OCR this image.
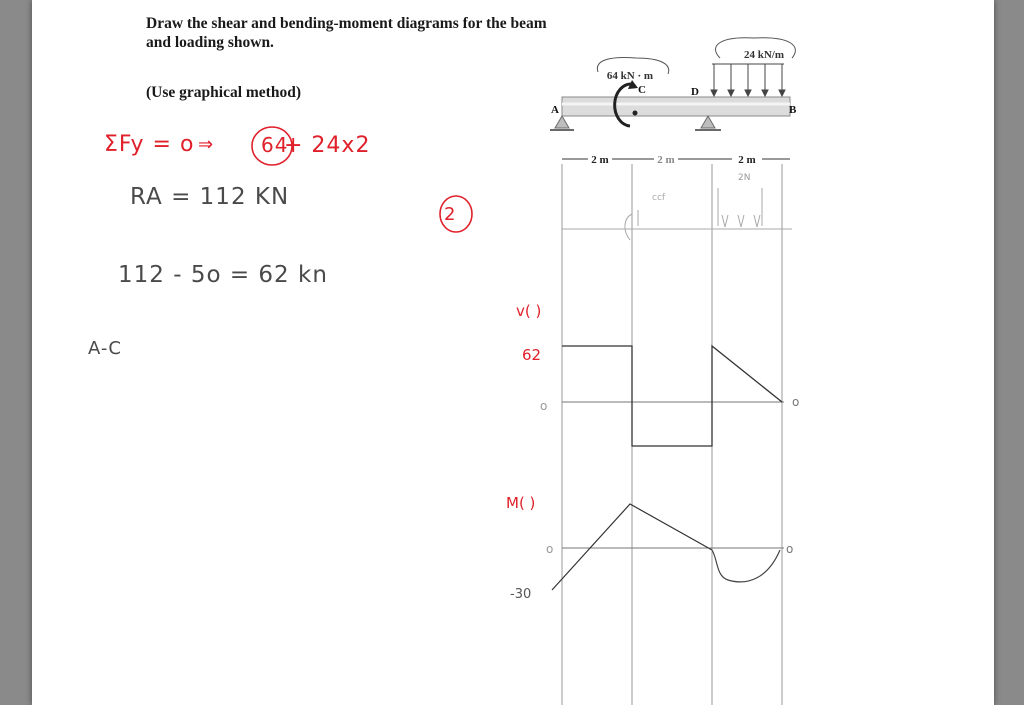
Draw the shear and bending-moment diagrams for the beam
and loading shown.
(Use graphical method)
ΣFy = o ⇒ 64
+ 24x2
RA = 112 KN
2
112 - 5o = 62 kn
A-C
24 kN/m
64 kN · m
A	B
C	D
2 m	2 m	2 m
2N
ccf
v( )
62
o	o
M( )
o	o
-30
